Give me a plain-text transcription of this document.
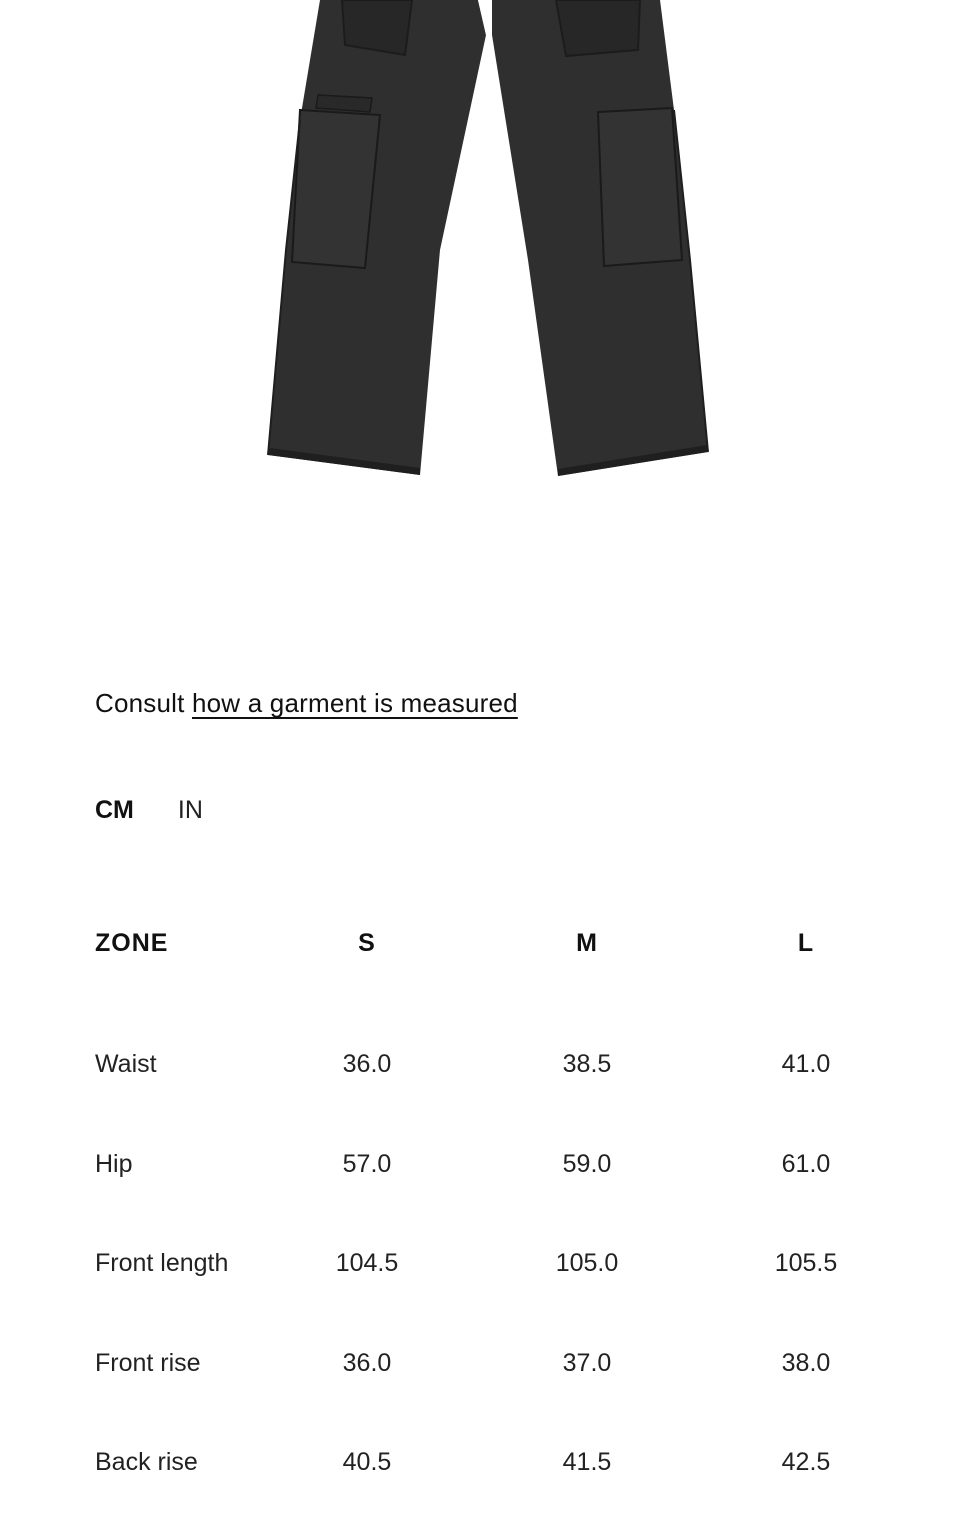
Consult how a garment is measured
CM IN
ZONE	S	M	L

Waist	36.0	38.5	41.0
Hip	57.0	59.0	61.0
Front length	104.5	105.0	105.5
Front rise	36.0	37.0	38.0
Back rise	40.5	41.5	42.5
